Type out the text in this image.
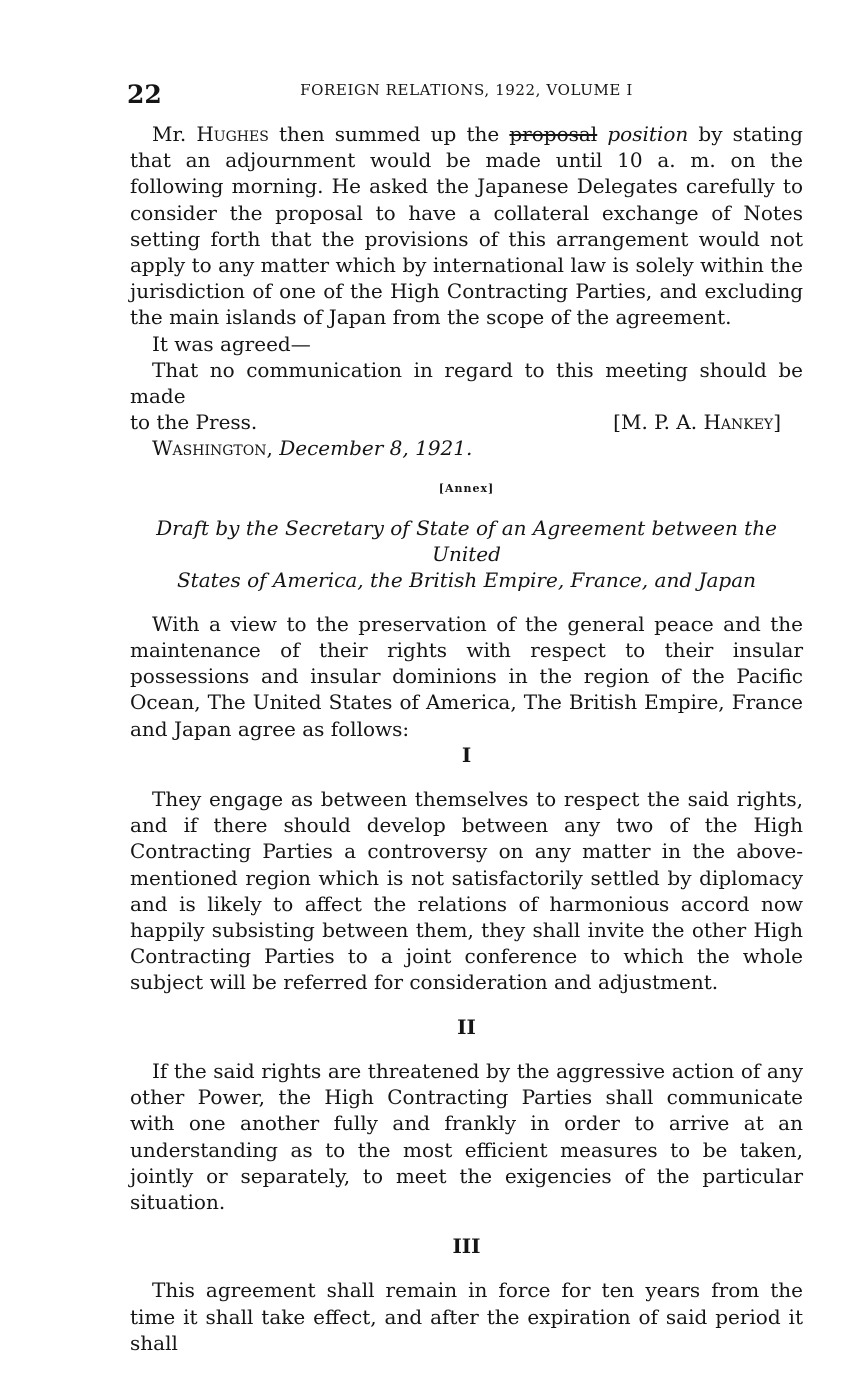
22	FOREIGN RELATIONS, 1922, VOLUME I

Mr. Hughes then summed up the proposal position by stating that an adjournment would be made until 10 a. m. on the following morning. He asked the Japanese Delegates carefully to consider the proposal to have a collateral exchange of Notes setting forth that the provisions of this arrangement would not apply to any matter which by international law is solely within the jurisdiction of one of the High Contracting Parties, and excluding the main islands of Japan from the scope of the agreement.

It was agreed—

That no communication in regard to this meeting should be made

to the Press.	[M. P. A. Hankey]

Washington, December 8, 1921.

[Annex]
Draft by the Secretary of State of an Agreement between the United
States of America, the British Empire, France, and Japan

With a view to the preservation of the general peace and the maintenance of their rights with respect to their insular possessions and insular dominions in the region of the Pacific Ocean, The United States of America, The British Empire, France and Japan agree as follows:

I

They engage as between themselves to respect the said rights, and if there should develop between any two of the High Contracting Parties a controversy on any matter in the above-mentioned region which is not satisfactorily settled by diplomacy and is likely to affect the relations of harmonious accord now happily subsisting between them, they shall invite the other High Contracting Parties to a joint conference to which the whole subject will be referred for consideration and adjustment.

II

If the said rights are threatened by the aggressive action of any other Power, the High Contracting Parties shall communicate with one another fully and frankly in order to arrive at an understanding as to the most efficient measures to be taken, jointly or separately, to meet the exigencies of the particular situation.

III

This agreement shall remain in force for ten years from the time it shall take effect, and after the expiration of said period it shall
